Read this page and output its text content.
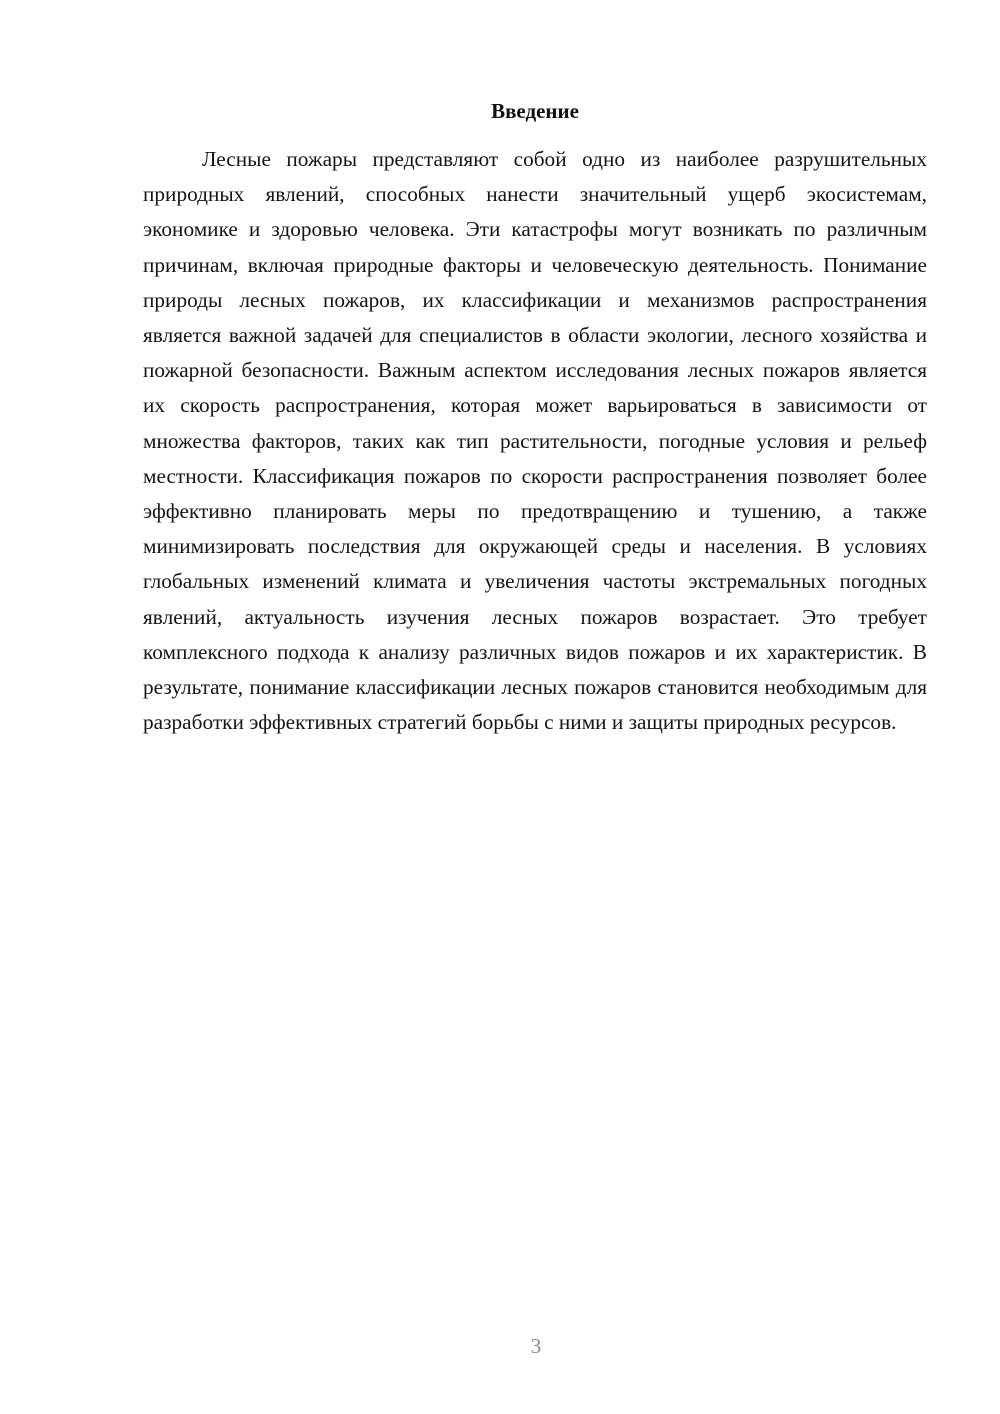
Введение

Лесные пожары представляют собой одно из наиболее разрушительных природных явлений, способных нанести значительный ущерб экосистемам, экономике и здоровью человека. Эти катастрофы могут возникать по различным причинам, включая природные факторы и человеческую деятельность. Понимание природы лесных пожаров, их классификации и механизмов распространения является важной задачей для специалистов в области экологии, лесного хозяйства и пожарной безопасности. Важным аспектом исследования лесных пожаров является их скорость распространения, которая может варьироваться в зависимости от множества факторов, таких как тип растительности, погодные условия и рельеф местности. Классификация пожаров по скорости распространения позволяет более эффективно планировать меры по предотвращению и тушению, а также минимизировать последствия для окружающей среды и населения. В условиях глобальных изменений климата и увеличения частоты экстремальных погодных явлений, актуальность изучения лесных пожаров возрастает. Это требует комплексного подхода к анализу различных видов пожаров и их характеристик. В результате, понимание классификации лесных пожаров становится необходимым для разработки эффективных стратегий борьбы с ними и защиты природных ресурсов.

3
